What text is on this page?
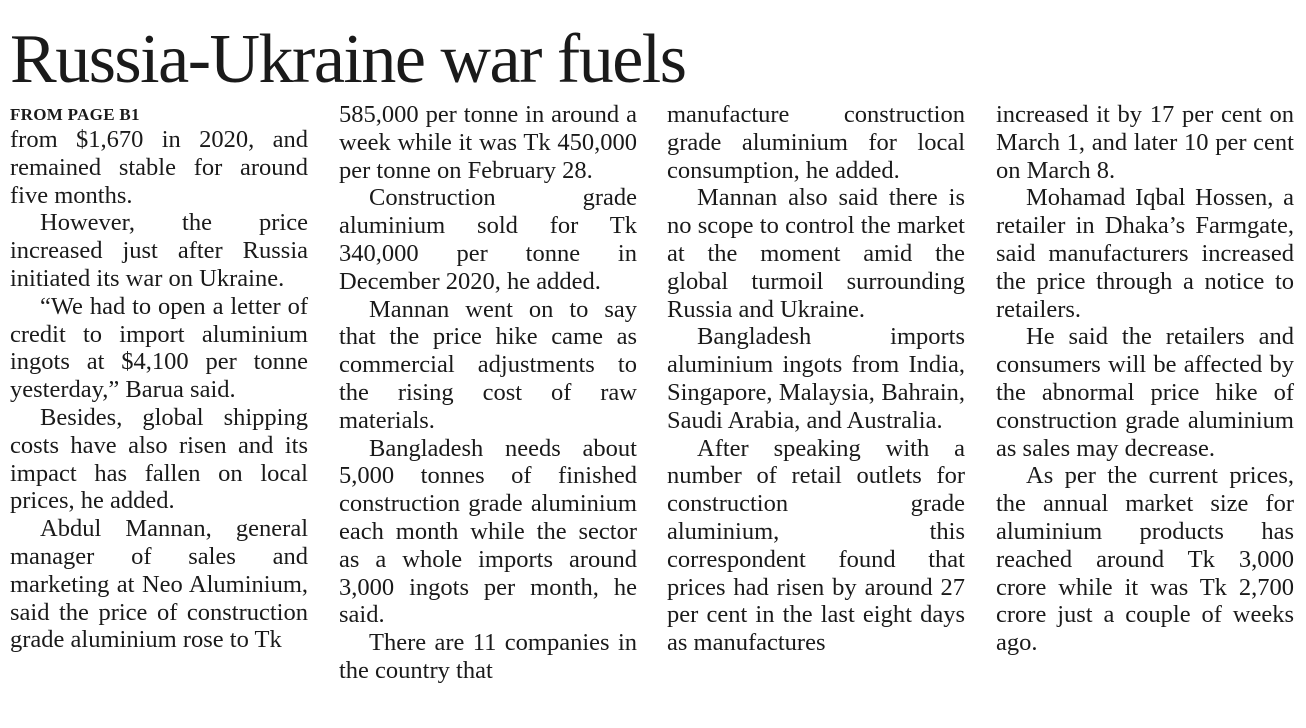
Russia-Ukraine war fuels
FROM PAGE B1

from $1,670 in 2020, and remained stable for around five months.

However, the price increased just after Russia initiated its war on Ukraine.

“We had to open a letter of credit to import aluminium ingots at $4,100 per tonne yesterday,” Barua said.

Besides, global shipping costs have also risen and its impact has fallen on local prices, he added.

Abdul Mannan, general manager of sales and marketing at Neo Aluminium, said the price of construction grade aluminium rose to Tk

585,000 per tonne in around a week while it was Tk 450,000 per tonne on February 28.

Construction grade aluminium sold for Tk 340,000 per tonne in December 2020, he added.

Mannan went on to say that the price hike came as commercial adjustments to the rising cost of raw materials.

Bangladesh needs about 5,000 tonnes of finished construction grade aluminium each month while the sector as a whole imports around 3,000 ingots per month, he said.

There are 11 companies in the country that

manufacture construction grade aluminium for local consumption, he added.

Mannan also said there is no scope to control the market at the moment amid the global turmoil surrounding Russia and Ukraine.

Bangladesh imports aluminium ingots from India, Singapore, Malaysia, Bahrain, Saudi Arabia, and Australia.

After speaking with a number of retail outlets for construction grade aluminium, this correspondent found that prices had risen by around 27 per cent in the last eight days as manufactures

increased it by 17 per cent on March 1, and later 10 per cent on March 8.

Mohamad Iqbal Hossen, a retailer in Dhaka’s Farmgate, said manufacturers increased the price through a notice to retailers.

He said the retailers and consumers will be affected by the abnormal price hike of construction grade aluminium as sales may decrease.

As per the current prices, the annual market size for aluminium products has reached around Tk 3,000 crore while it was Tk 2,700 crore just a couple of weeks ago.
